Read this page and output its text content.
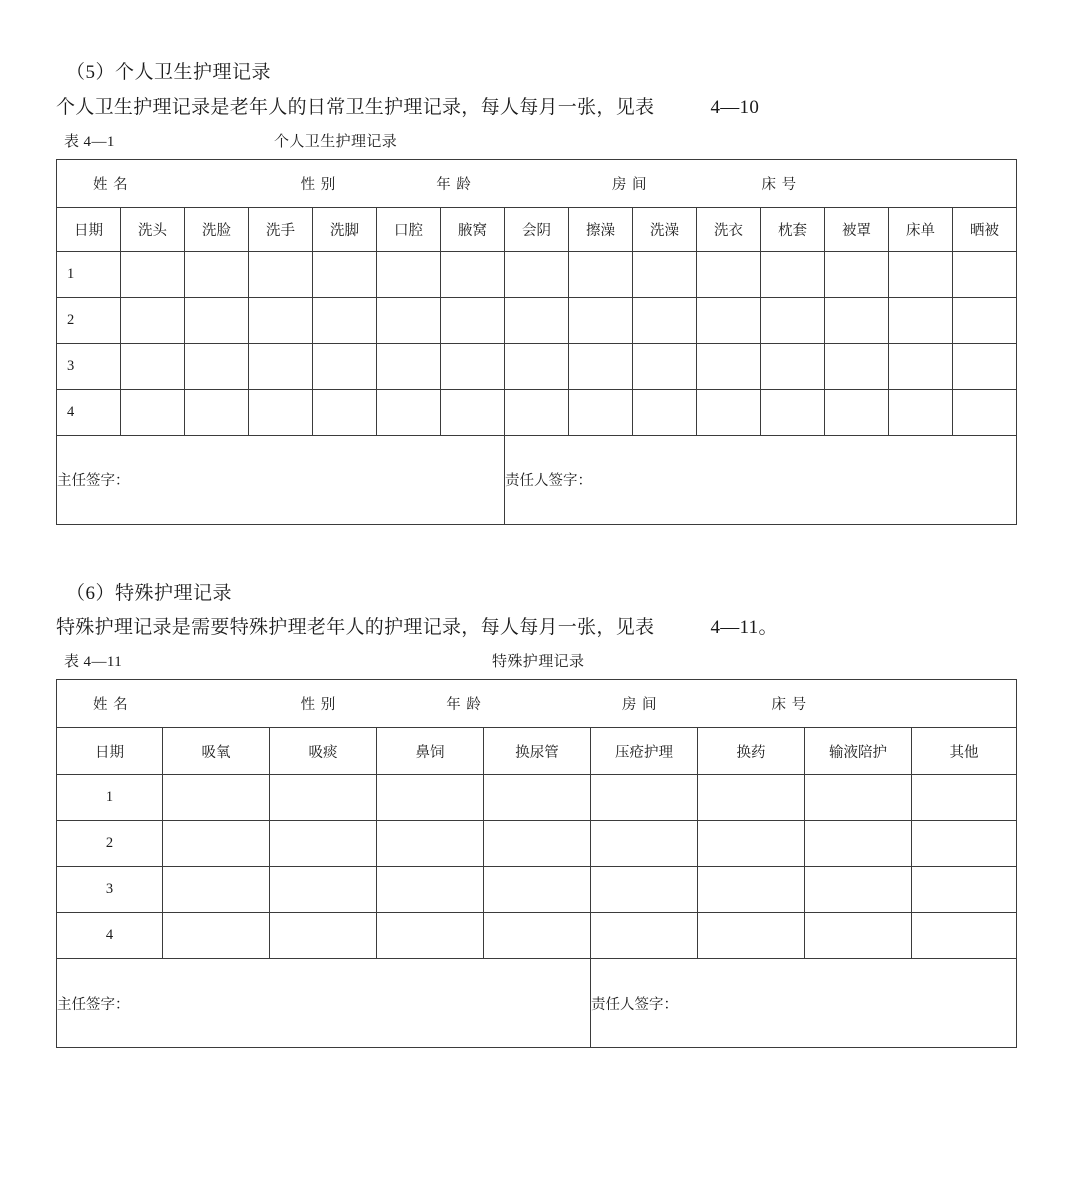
（5）个人卫生护理记录
个人卫生护理记录是老年人的日常卫生护理记录，每人每月一张，见表	4—10
表 4—1	个人卫生护理记录
姓 名 性 别 年 龄 房 间 床 号														

日期	洗头	洗脸	洗手	洗脚	口腔	腋窝	会阴	擦澡	洗澡	洗衣	枕套	被罩	床单	晒被
1														
2														
3														
4														
主任签字：							责任人签字：							
（6）特殊护理记录
特殊护理记录是需要特殊护理老年人的护理记录，每人每月一张，见表	4—11。
表 4—11	特殊护理记录
姓 名 性 别 年 龄 房 间 床 号								

日期	吸氧	吸痰	鼻饲	换尿管	压疮护理	换药	输液陪护	其他
1								
2								
3								
4								
主任签字：					责任人签字：			
